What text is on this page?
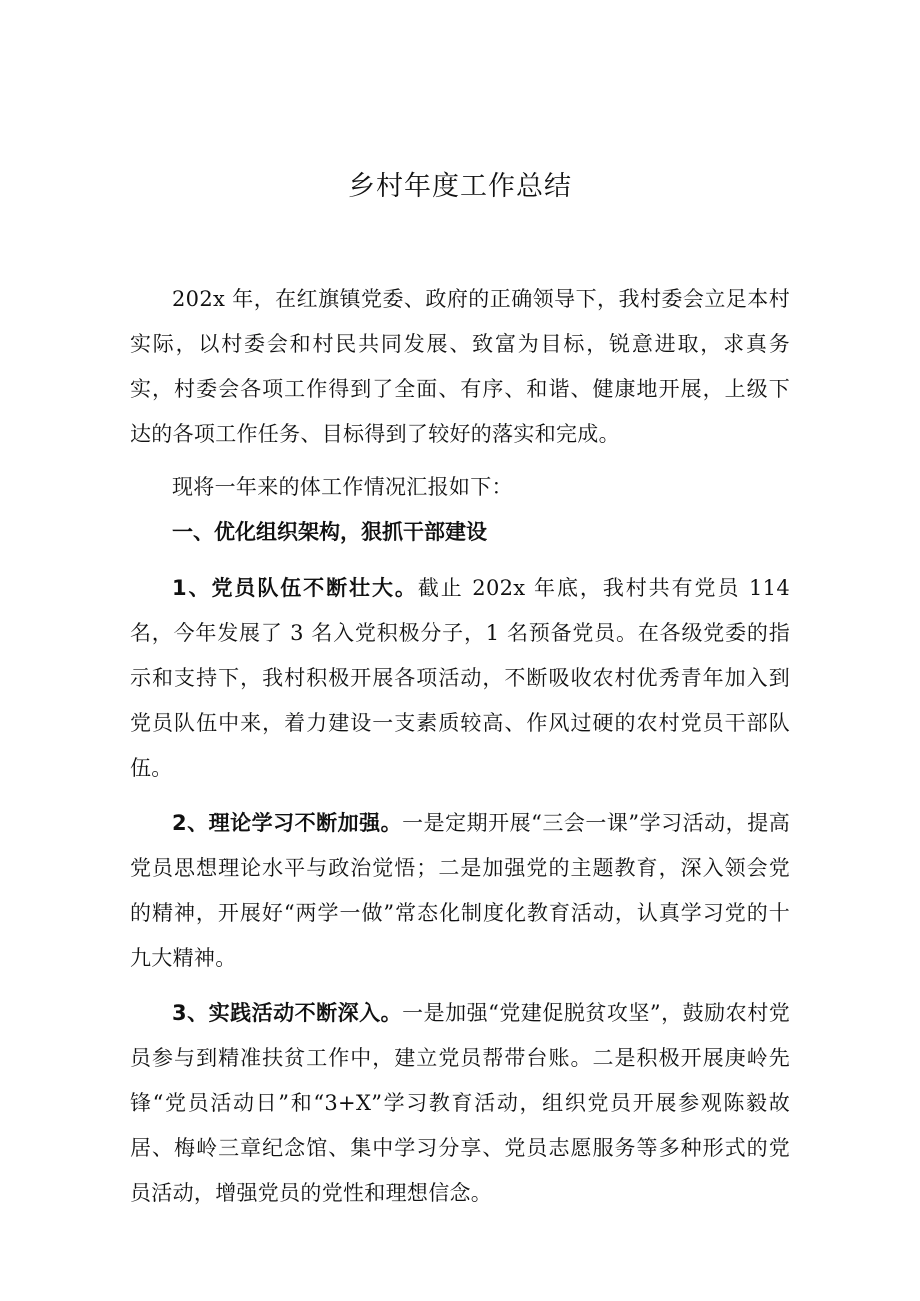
乡村年度工作总结

202x 年，在红旗镇党委、政府的正确领导下，我村委会立足本村实际，以村委会和村民共同发展、致富为目标，锐意进取，求真务实，村委会各项工作得到了全面、有序、和谐、健康地开展，上级下达的各项工作任务、目标得到了较好的落实和完成。

现将一年来的体工作情况汇报如下：

一、优化组织架构，狠抓干部建设

1、党员队伍不断壮大。截止 202x 年底，我村共有党员 114 名，今年发展了 3 名入党积极分子，1 名预备党员。在各级党委的指示和支持下，我村积极开展各项活动，不断吸收农村优秀青年加入到党员队伍中来，着力建设一支素质较高、作风过硬的农村党员干部队伍。

2、理论学习不断加强。一是定期开展“三会一课”学习活动，提高党员思想理论水平与政治觉悟；二是加强党的主题教育，深入领会党的精神，开展好“两学一做”常态化制度化教育活动，认真学习党的十九大精神。

3、实践活动不断深入。一是加强“党建促脱贫攻坚”，鼓励农村党员参与到精准扶贫工作中，建立党员帮带台账。二是积极开展庚岭先锋“党员活动日”和“3+X”学习教育活动，组织党员开展参观陈毅故居、梅岭三章纪念馆、集中学习分享、党员志愿服务等多种形式的党员活动，增强党员的党性和理想信念。
